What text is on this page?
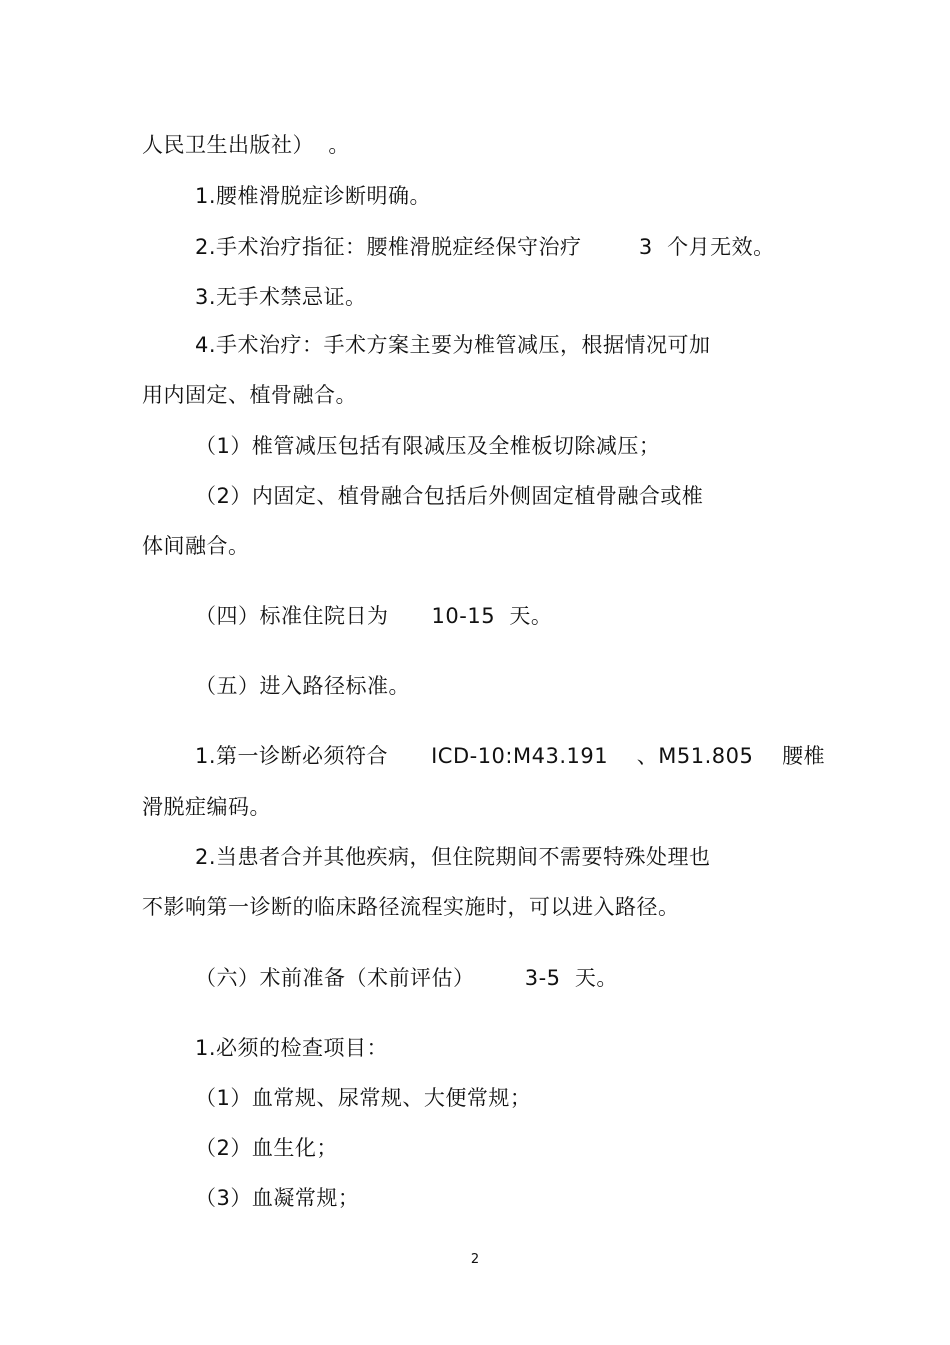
人民卫生出版社）  。
1.腰椎滑脱症诊断明确。
2.手术治疗指征：腰椎滑脱症经保守治疗        3  个月无效。
3.无手术禁忌证。
4.手术治疗：手术方案主要为椎管减压，根据情况可加
用内固定、植骨融合。
（1）椎管减压包括有限减压及全椎板切除减压；
（2）内固定、植骨融合包括后外侧固定植骨融合或椎
体间融合。
（四）标准住院日为      10-15  天。
（五）进入路径标准。
1.第一诊断必须符合      ICD-10:M43.191    、M51.805    腰椎
滑脱症编码。
2.当患者合并其他疾病，但住院期间不需要特殊处理也
不影响第一诊断的临床路径流程实施时，可以进入路径。
（六）术前准备（术前评估）       3-5  天。
1.必须的检查项目：
（1）血常规、尿常规、大便常规；
（2）血生化；
（3）血凝常规；
2
